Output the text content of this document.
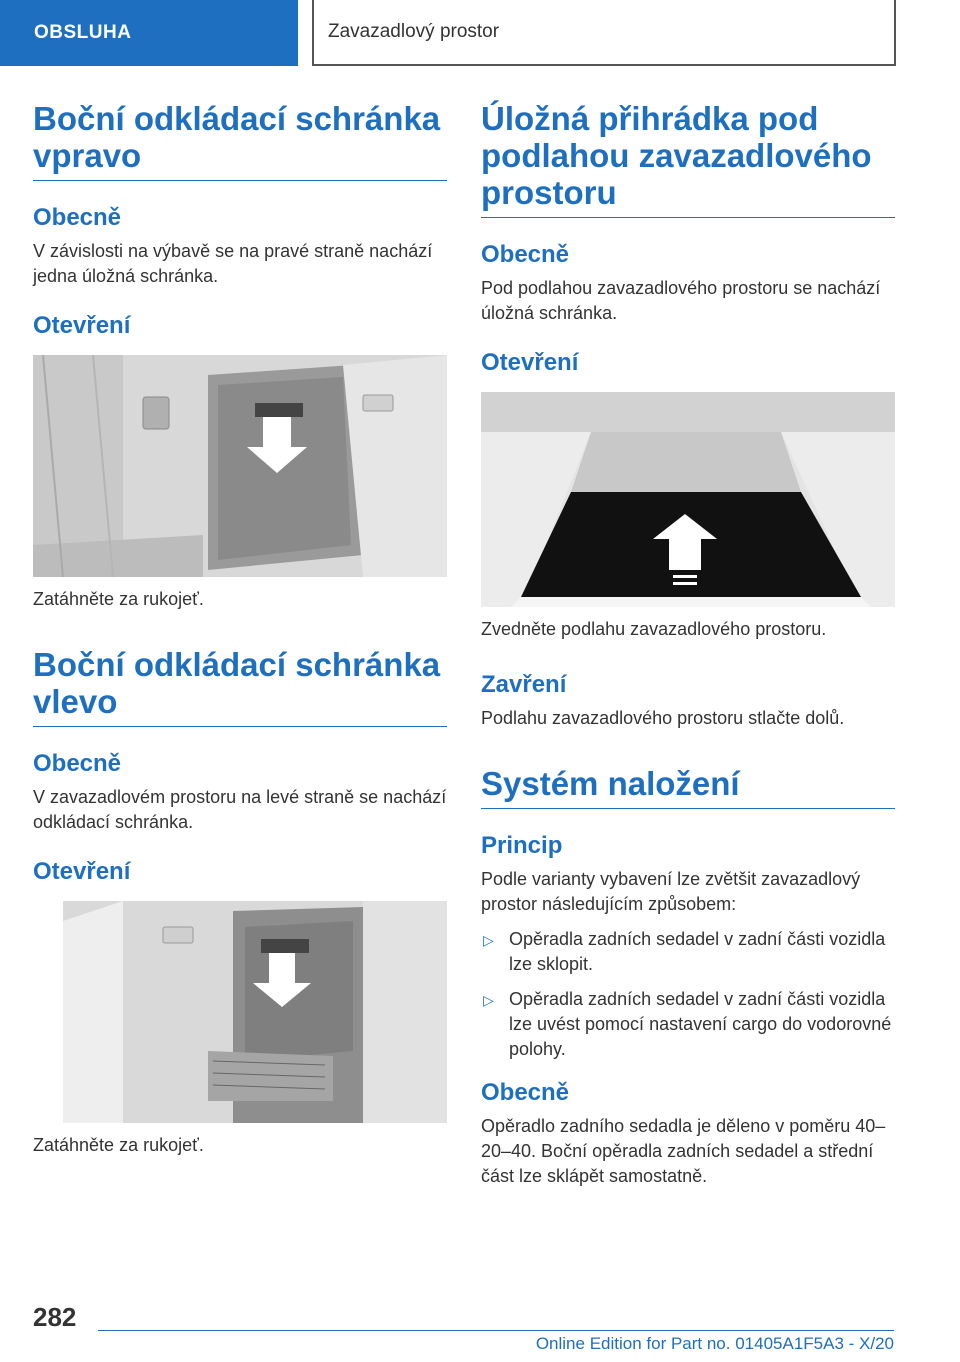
OBSLUHA	Zavazadlový prostor
Boční odkládací schránka vpravo
Obecně

V závislosti na výbavě se na pravé straně nachází jedna úložná schránka.

Otevření
Zatáhněte za rukojeť.
Boční odkládací schránka vlevo
Obecně

V zavazadlovém prostoru na levé straně se nachází odkládací schránka.

Otevření
Zatáhněte za rukojeť.
Úložná přihrádka pod podlahou zavazadlového prostoru
Obecně

Pod podlahou zavazadlového prostoru se nachází úložná schránka.

Otevření
Zvedněte podlahu zavazadlového prostoru.
Zavření

Podlahu zavazadlového prostoru stlačte dolů.

Systém naložení
Princip

Podle varianty vybavení lze zvětšit zavazadlový prostor následujícím způsobem:

▷ Opěradla zadních sedadel v zadní části vozidla lze sklopit.
▷ Opěradla zadních sedadel v zadní části vozidla lze uvést pomocí nastavení cargo do vodorovné polohy.
Obecně

Opěradlo zadního sedadla je děleno v poměru 40–20–40. Boční opěradla zadních sedadel a střední část lze sklápět samostatně.

282
Online Edition for Part no. 01405A1F5A3 - X/20
